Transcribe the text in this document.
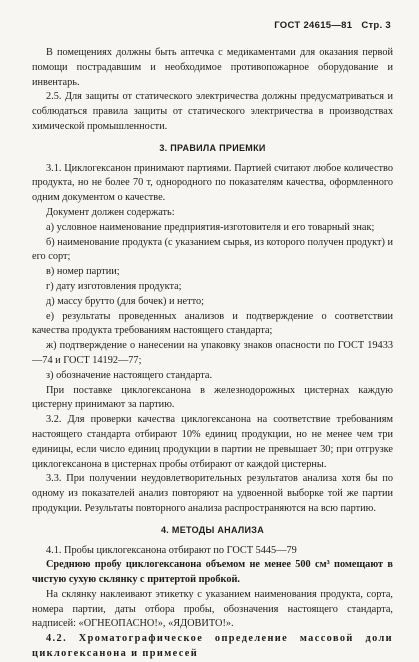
ГОСТ 24615—81 Стр. 3

В помещениях должны быть аптечка с медикаментами для оказания первой помощи пострадавшим и необходимое противопожарное оборудование и инвентарь.

2.5. Для защиты от статического электричества должны предусматриваться и соблюдаться правила защиты от статического электричества в производствах химической промышленности.

3. ПРАВИЛА ПРИЕМКИ

3.1. Циклогексанон принимают партиями. Партией считают любое количество продукта, но не более 70 т, однородного по показателям качества, оформленного одним документом о качестве.

Документ должен содержать:

а) условное наименование предприятия-изготовителя и его товарный знак;

б) наименование продукта (с указанием сырья, из которого получен продукт) и его сорт;

в) номер партии;

г) дату изготовления продукта;

д) массу брутто (для бочек) и нетто;

е) результаты проведенных анализов и подтверждение о соответствии качества продукта требованиям настоящего стандарта;

ж) подтверждение о нанесении на упаковку знаков опасности по ГОСТ 19433—74 и ГОСТ 14192—77;

з) обозначение настоящего стандарта.

При поставке циклогексанона в железнодорожных цистернах каждую цистерну принимают за партию.

3.2. Для проверки качества циклогексанона на соответствие требованиям настоящего стандарта отбирают 10% единиц продукции, но не менее чем три единицы, если число единиц продукции в партии не превышает 30; при отгрузке циклогексанона в цистернах пробы отбирают от каждой цистерны.

3.3. При получении неудовлетворительных результатов анализа хотя бы по одному из показателей анализ повторяют на удвоенной выборке той же партии продукции. Результаты повторного анализа распространяются на всю партию.

4. МЕТОДЫ АНАЛИЗА

4.1. Пробы циклогексанона отбирают по ГОСТ 5445—79

Среднюю пробу циклогексанона объемом не менее 500 см³ помещают в чистую сухую склянку с притертой пробкой.

На склянку наклеивают этикетку с указанием наименования продукта, сорта, номера партии, даты отбора пробы, обозначения настоящего стандарта, надписей: «ОГНЕОПАСНО!», «ЯДОВИТО!».

4.2. Хроматографическое определение массовой доли циклогексанона и примесей
